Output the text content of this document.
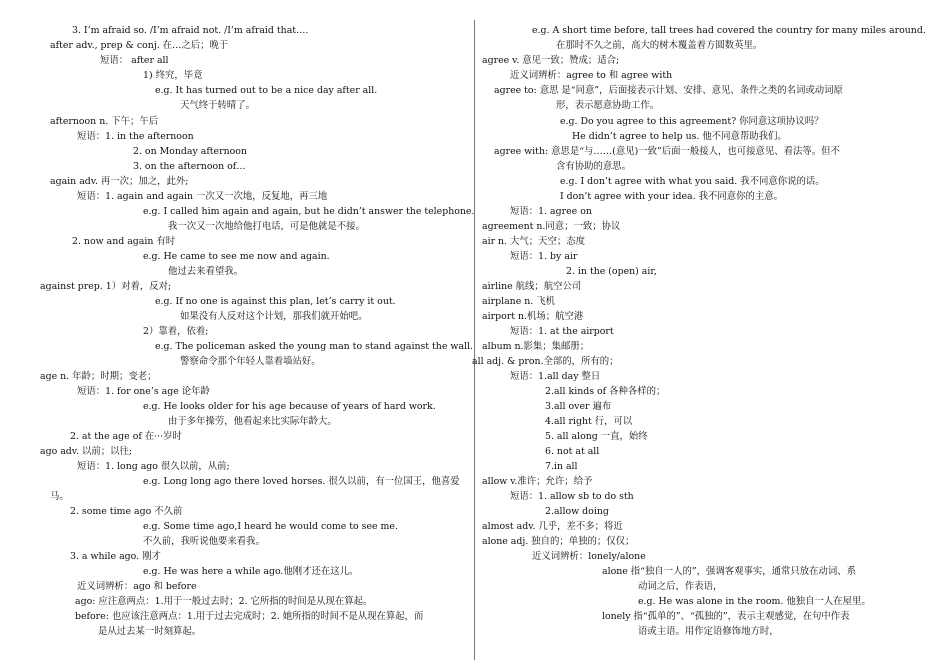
3. I’m afraid so. /I’m afraid not. /I’m afraid that….
after adv., prep & conj. 在…之后；晚于
短语： after all
1) 终究，毕竟
e.g. It has turned out to be a nice day after all.
天气终于转晴了。
afternoon n. 下午；午后
短语：1. in the afternoon
2. on Monday afternoon
3. on the afternoon of…
again adv. 再一次；加之，此外;
短语：1. again and again 一次又一次地，反复地，再三地
e.g. I called him again and again, but he didn’t answer the telephone.
我一次又一次地给他打电话，可是他就是不接。
2. now and again 有时
e.g. He came to see me now and again.
他过去来看望我。
against prep. 1）对着，反对;
e.g. If no one is against this plan, let’s carry it out.
如果没有人反对这个计划，那我们就开始吧。
2）靠着，依着;
e.g. The policeman asked the young man to stand against the wall.
警察命令那个年轻人靠着墙站好。
age n. 年龄；时期；变老；
短语：1. for one’s age 论年龄
e.g. He looks older for his age because of years of hard work.
由于多年操劳，他看起来比实际年龄大。
2. at the age of 在···岁时
ago adv. 以前；以往;
短语：1. long ago 很久以前，从前;
e.g. Long long ago there loved horses. 很久以前，有一位国王，他喜爱
马。
2. some time ago 不久前
e.g. Some time ago,I heard he would come to see me.
不久前，我听说他要来看我。
3. a while ago. 刚才
e.g. He was here a while ago.他刚才还在这儿。
近义词辨析：ago 和 before
ago: 应注意两点：1.用于一般过去时；2. 它所指的时间是从现在算起。
before: 也应该注意两点：1.用于过去完成时；2. 她所指的时间不是从现在算起，而
是从过去某一时刻算起。
e.g. A short time before, tall trees had covered the country for many miles around.
在那时不久之前，高大的树木覆盖着方圆数英里。
agree v. 意见一致；赞成；适合;
近义词辨析：agree to 和 agree with
agree to: 意思 是“同意”，后面接表示计划、安排、意见、条件之类的名词或动词原
形，表示愿意协助工作。
e.g. Do you agree to this agreement? 你同意这项协议吗？
He didn’t agree to help us. 他不同意帮助我们。
agree with: 意思是“与……(意见)一致”后面一般接人，也可接意见、看法等。但不
含有协助的意思。
e.g. I don’t agree with what you said. 我不同意你说的话。
I don’t agree with your idea. 我不同意你的主意。
短语：1. agree on
agreement n.同意；一致；协议
air n. 大气；天空；态度
短语：1. by air
2. in the (open) air,
airline 航线；航空公司
airplane n. 飞机
airport n.机场；航空港
短语：1. at the airport
album n.影集；集邮册；
all adj. & pron.全部的，所有的；
短语：1.all day 整日
2.all kinds of 各种各样的；
3.all over 遍布
4.all right 行，可以
5. all along 一直，始终
6. not at all
7.in all
allow v.准许；允许；给予
短语：1. allow sb to do sth
2.allow doing
almost adv. 几乎，差不多；将近
alone adj. 独自的；单独的；仅仅；
近义词辨析：lonely/alone
alone 指“独自一人的”，强调客观事实，通常只放在动词、系
动词之后，作表语，
e.g. He was alone in the room. 他独自一人在屋里。
lonely 指“孤单的”、“孤独的”，表示主观感觉，在句中作表
语或主语。用作定语修饰地方时，
